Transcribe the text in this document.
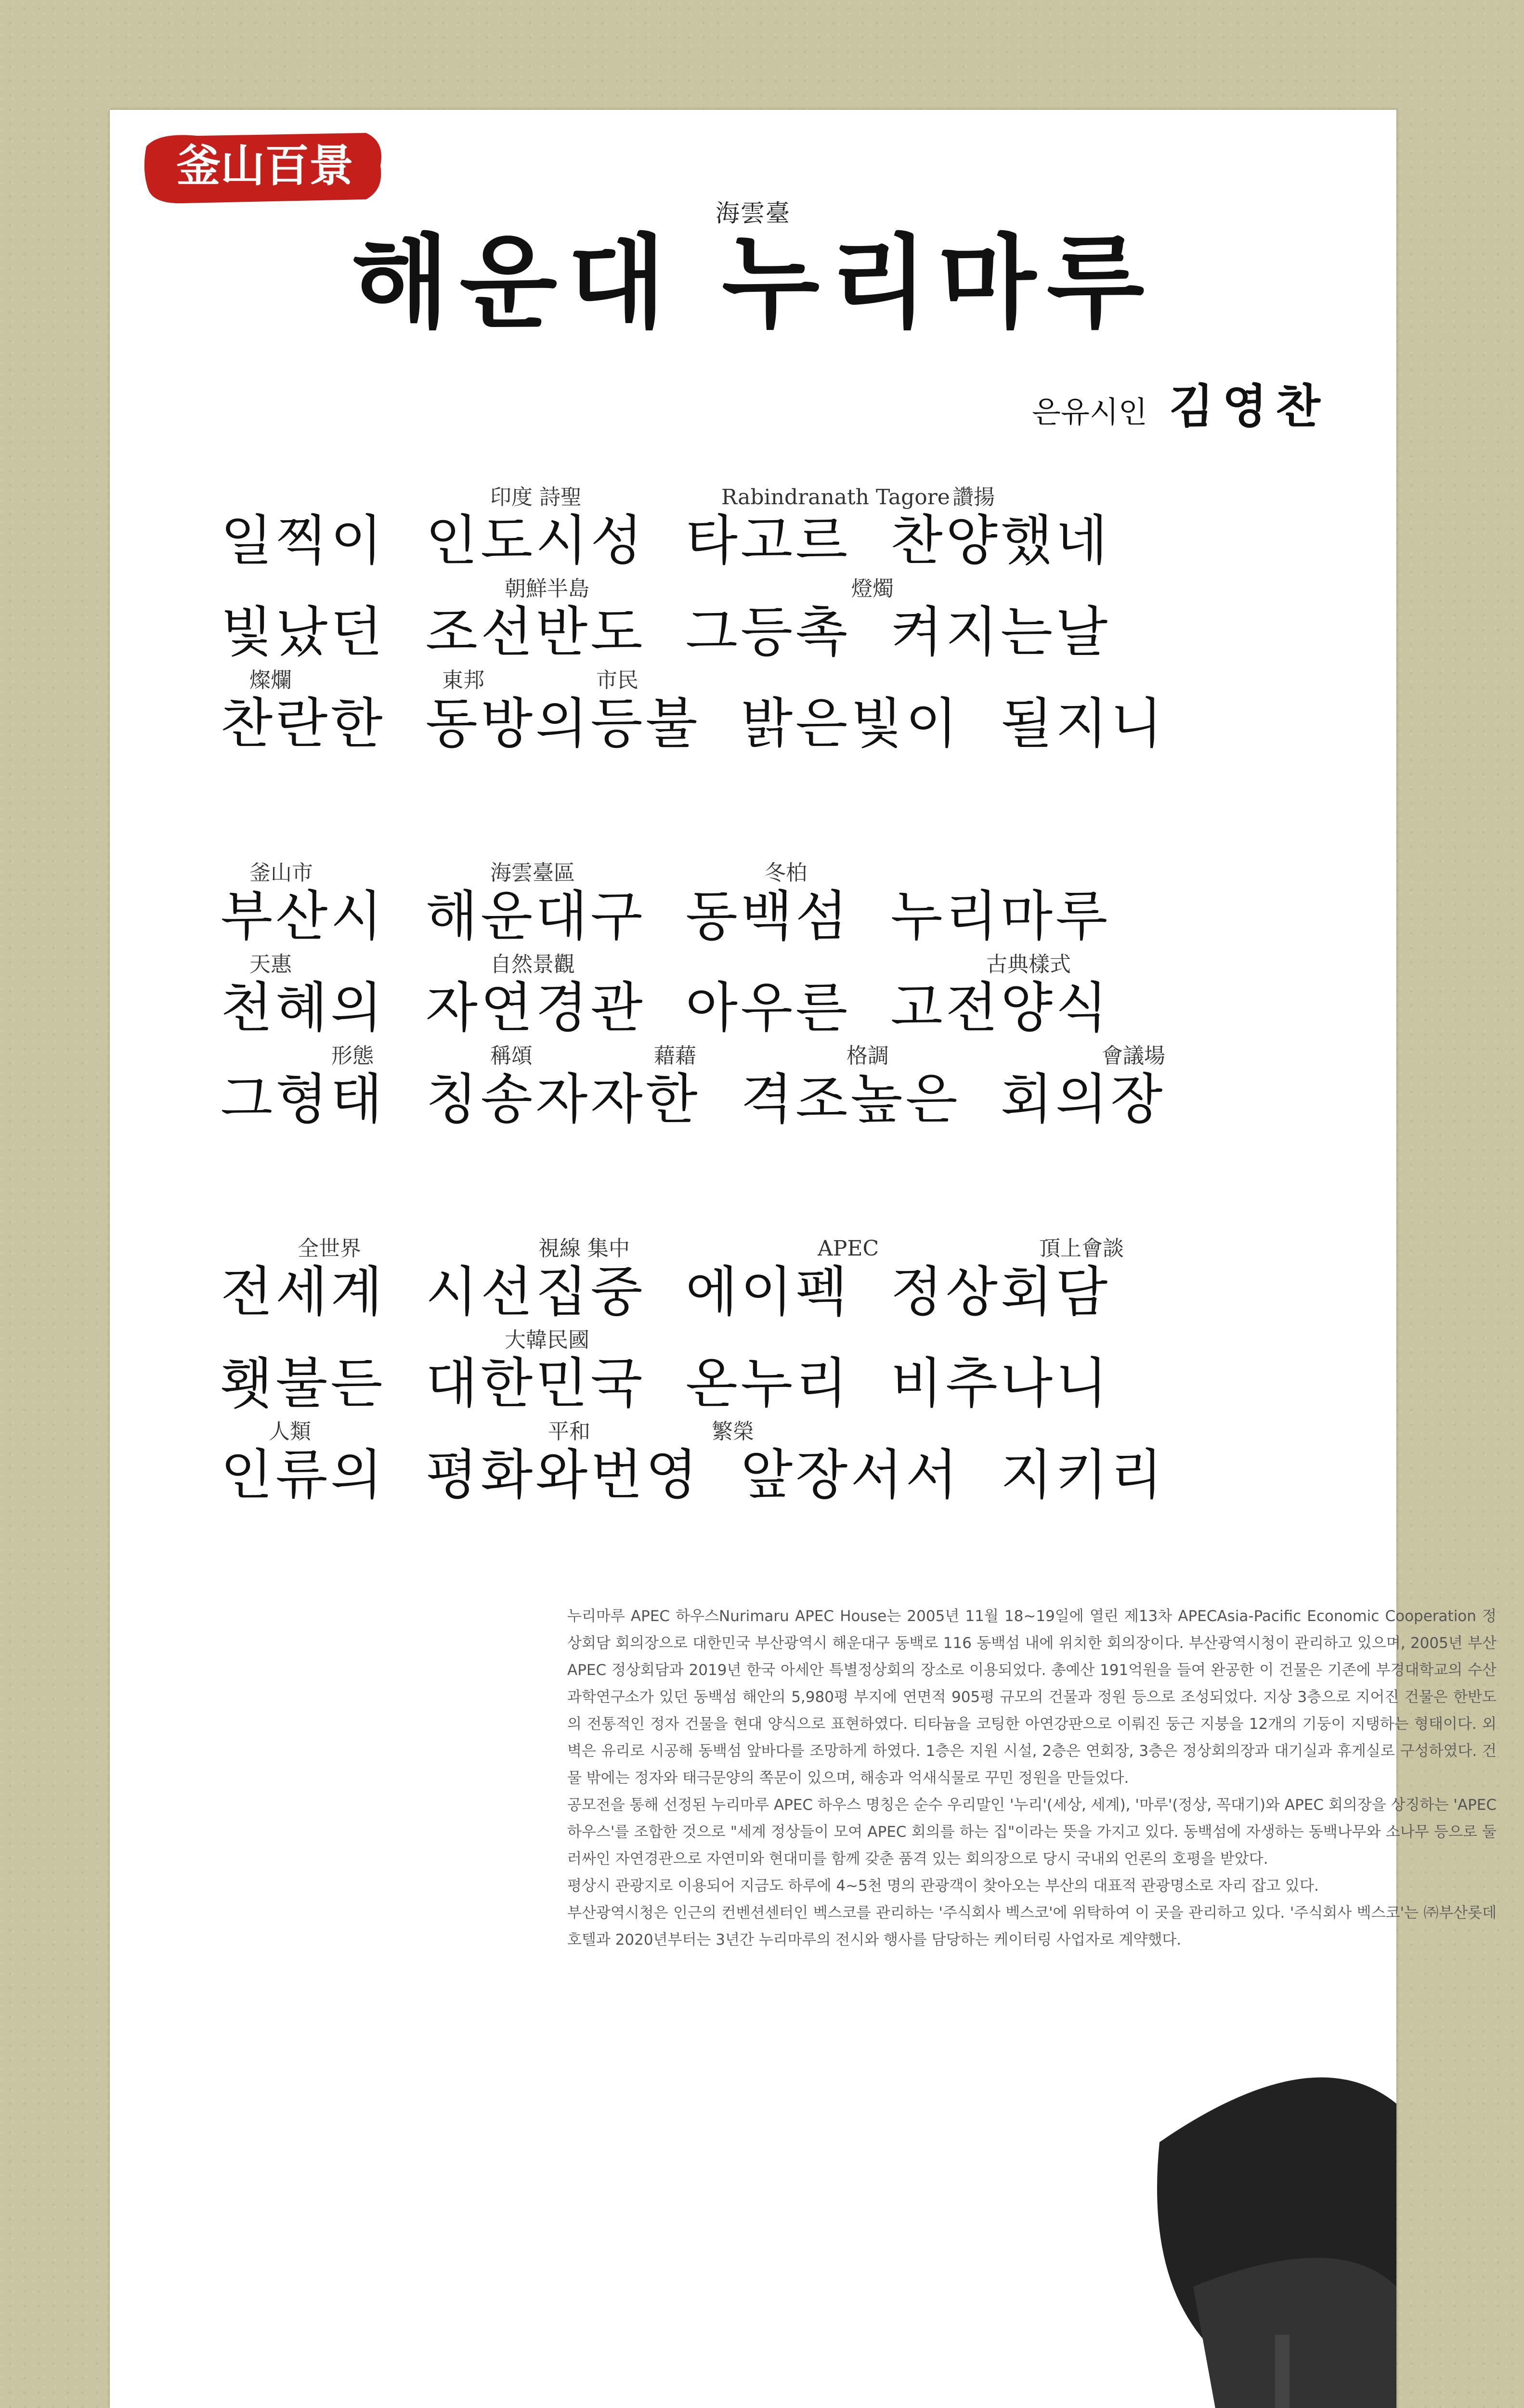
釜山百景
海雲臺
해운대 누리마루
은유시인 김영찬
印度 詩聖	Rabindranath Tagore 讚揚
일찍이  인도시성  타고르  찬양했네
朝鮮半島	燈燭
빛났던  조선반도  그등촉  켜지는날
燦爛	東邦	市民
찬란한  동방의등불  밝은빛이  될지니
釜山市	海雲臺區	冬柏
부산시  해운대구  동백섬  누리마루
天惠	自然景觀	古典樣式
천혜의  자연경관  아우른  고전양식
形態	稱頌	藉藉	格調	會議場
그형태  칭송자자한  격조높은  회의장
全世界	視線 集中	APEC	頂上會談
전세계  시선집중  에이펙  정상회담
大韓民國
횃불든  대한민국  온누리  비추나니
人類	平和	繁榮
인류의  평화와번영  앞장서서  지키리

누리마루 APEC 하우스Nurimaru APEC House는 2005년 11월 18~19일에 열린 제13차 APECAsia-Pacific Economic Cooperation 정상회담 회의장으로 대한민국 부산광역시 해운대구 동백로 116 동백섬 내에 위치한 회의장이다. 부산광역시청이 관리하고 있으며, 2005년 부산 APEC 정상회담과 2019년 한국 아세안 특별정상회의 장소로 이용되었다. 총예산 191억원을 들여 완공한 이 건물은 기존에 부경대학교의 수산과학연구소가 있던 동백섬 해안의 5,980평 부지에 연면적 905평 규모의 건물과 정원 등으로 조성되었다. 지상 3층으로 지어진 건물은 한반도의 전통적인 정자 건물을 현대 양식으로 표현하였다. 티타늄을 코팅한 아연강판으로 이뤄진 둥근 지붕을 12개의 기둥이 지탱하는 형태이다. 외벽은 유리로 시공해 동백섬 앞바다를 조망하게 하였다. 1층은 지원 시설, 2층은 연회장, 3층은 정상회의장과 대기실과 휴게실로 구성하였다. 건물 밖에는 정자와 태극문양의 쪽문이 있으며, 해송과 억새식물로 꾸민 정원을 만들었다.

공모전을 통해 선정된 누리마루 APEC 하우스 명칭은 순수 우리말인 '누리'(세상, 세계), '마루'(정상, 꼭대기)와 APEC 회의장을 상징하는 'APEC 하우스'를 조합한 것으로 "세계 정상들이 모여 APEC 회의를 하는 집"이라는 뜻을 가지고 있다. 동백섬에 자생하는 동백나무와 소나무 등으로 둘러싸인 자연경관으로 자연미와 현대미를 함께 갖춘 품격 있는 회의장으로 당시 국내외 언론의 호평을 받았다.

평상시 관광지로 이용되어 지금도 하루에 4~5천 명의 관광객이 찾아오는 부산의 대표적 관광명소로 자리 잡고 있다.

부산광역시청은 인근의 컨벤션센터인 벡스코를 관리하는 '주식회사 벡스코'에 위탁하여 이 곳을 관리하고 있다. '주식회사 벡스코'는 ㈜부산롯데호텔과 2020년부터는 3년간 누리마루의 전시와 행사를 담당하는 케이터링 사업자로 계약했다.
